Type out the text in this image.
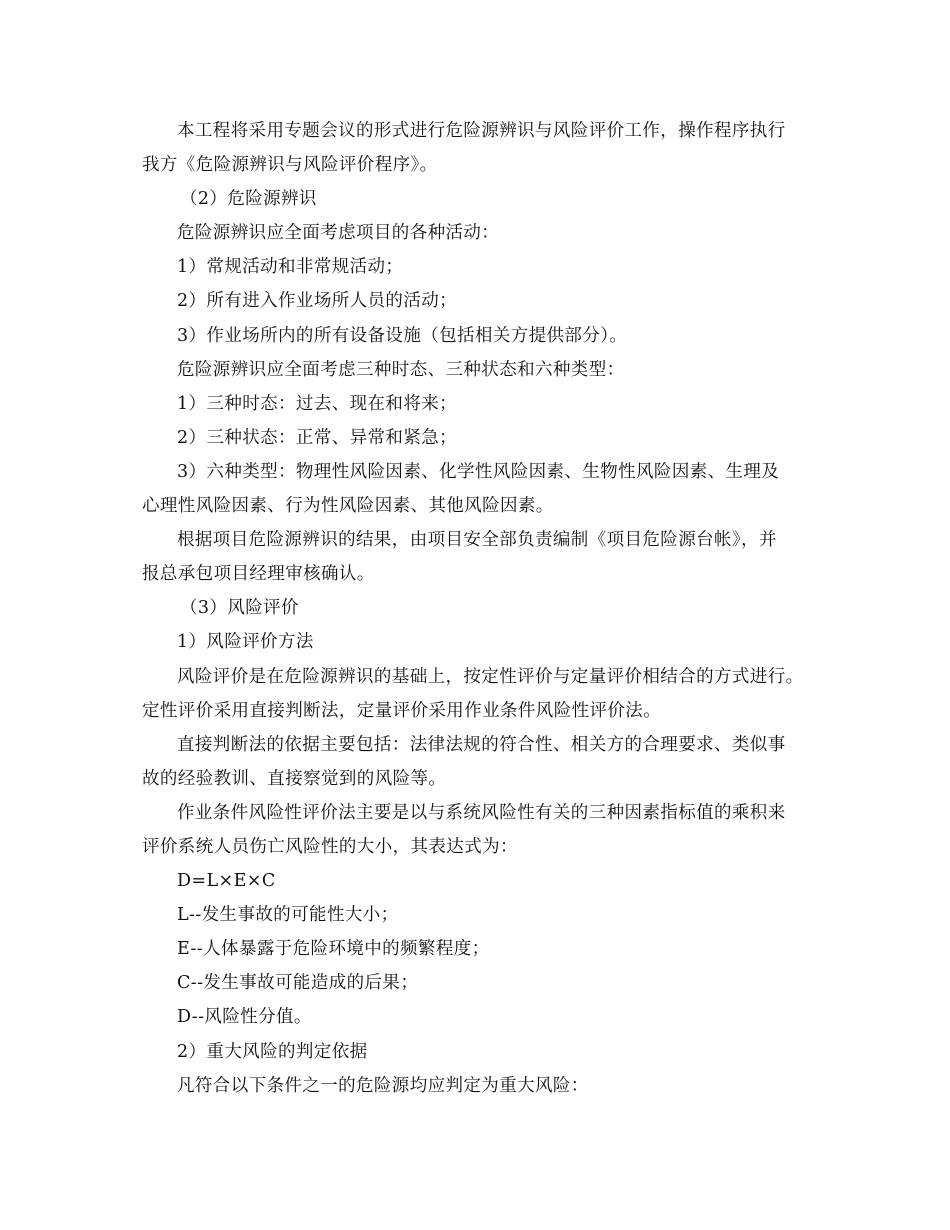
本工程将采用专题会议的形式进行危险源辨识与风险评价工作，操作程序执行
我方《危险源辨识与风险评价程序》。
（2）危险源辨识
危险源辨识应全面考虑项目的各种活动：
1）常规活动和非常规活动；
2）所有进入作业场所人员的活动；
3）作业场所内的所有设备设施（包括相关方提供部分）。
危险源辨识应全面考虑三种时态、三种状态和六种类型：
1）三种时态：过去、现在和将来；
2）三种状态：正常、异常和紧急；
3）六种类型：物理性风险因素、化学性风险因素、生物性风险因素、生理及
心理性风险因素、行为性风险因素、其他风险因素。
根据项目危险源辨识的结果，由项目安全部负责编制《项目危险源台帐》，并
报总承包项目经理审核确认。
（3）风险评价
1）风险评价方法
风险评价是在危险源辨识的基础上，按定性评价与定量评价相结合的方式进行。
定性评价采用直接判断法，定量评价采用作业条件风险性评价法。
直接判断法的依据主要包括：法律法规的符合性、相关方的合理要求、类似事
故的经验教训、直接察觉到的风险等。
作业条件风险性评价法主要是以与系统风险性有关的三种因素指标值的乘积来
评价系统人员伤亡风险性的大小，其表达式为：
D=L×E×C
L--发生事故的可能性大小；
E--人体暴露于危险环境中的频繁程度；
C--发生事故可能造成的后果；
D--风险性分值。
2）重大风险的判定依据
凡符合以下条件之一的危险源均应判定为重大风险：
